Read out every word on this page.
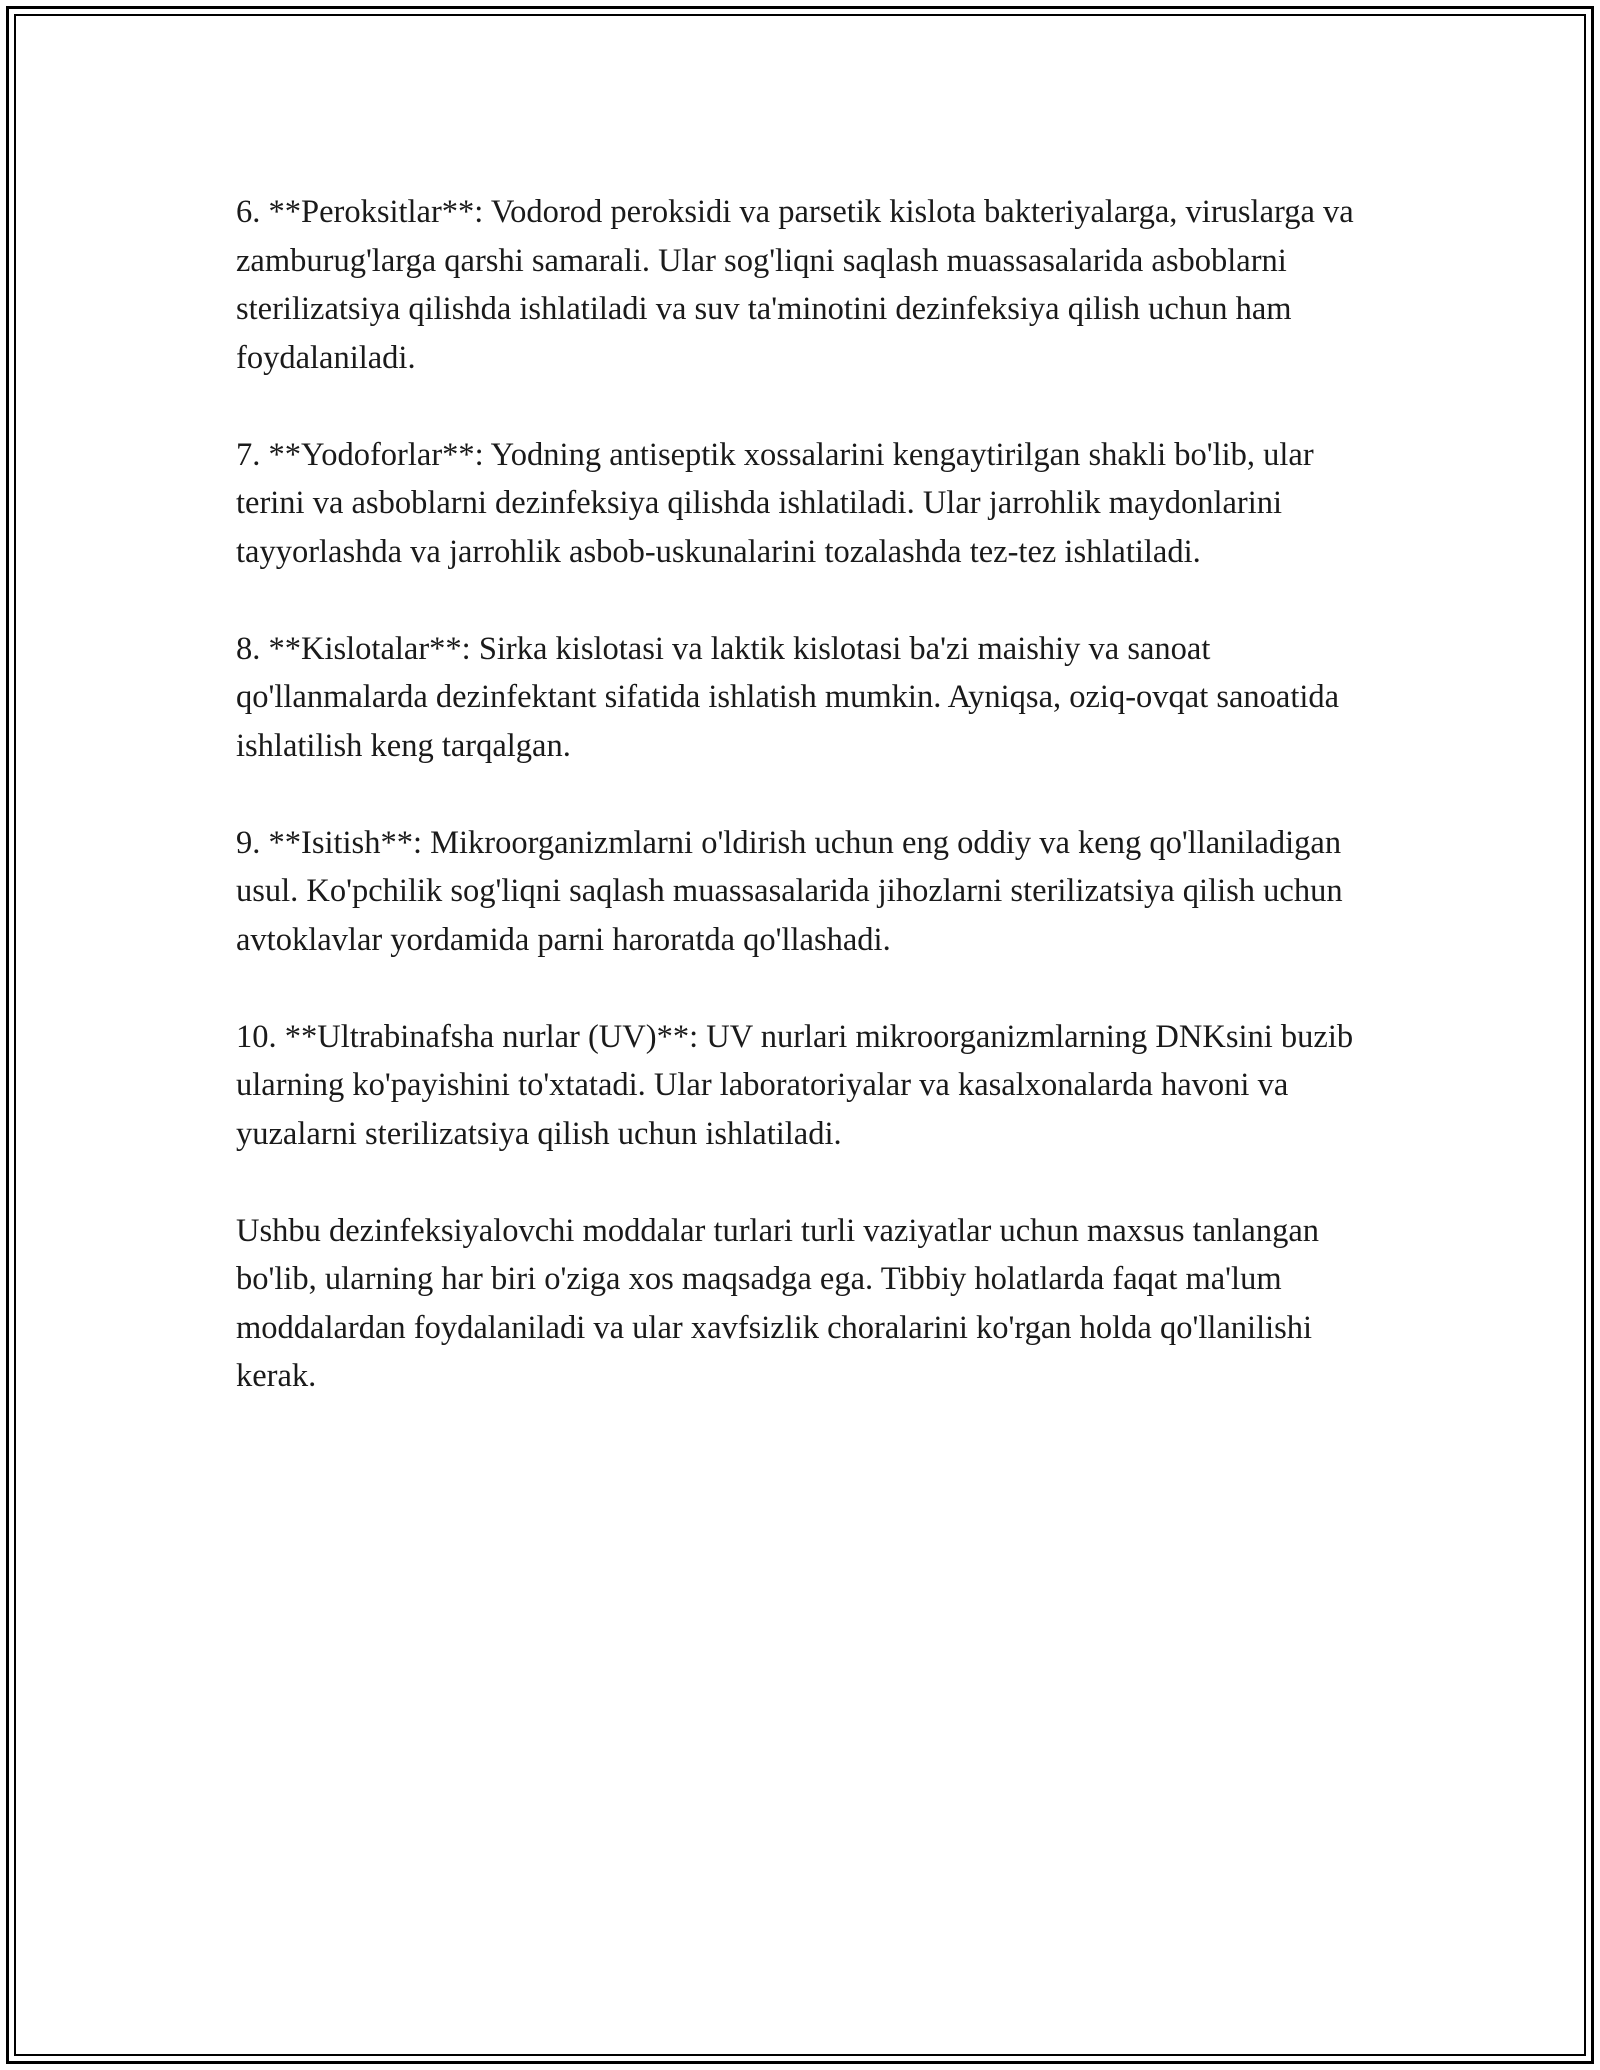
6. **Peroksitlar**: Vodorod peroksidi va parsetik kislota bakteriyalarga, viruslarga va zamburug'larga qarshi samarali. Ular sog'liqni saqlash muassasalarida asboblarni sterilizatsiya qilishda ishlatiladi va suv ta'minotini dezinfeksiya qilish uchun ham foydalaniladi.

7. **Yodoforlar**: Yodning antiseptik xossalarini kengaytirilgan shakli bo'lib, ular terini va asboblarni dezinfeksiya qilishda ishlatiladi. Ular jarrohlik maydonlarini tayyorlashda va jarrohlik asbob-uskunalarini tozalashda tez-tez ishlatiladi.

8. **Kislotalar**: Sirka kislotasi va laktik kislotasi ba'zi maishiy va sanoat qo'llanmalarda dezinfektant sifatida ishlatish mumkin. Ayniqsa, oziq-ovqat sanoatida ishlatilish keng tarqalgan.

9. **Isitish**: Mikroorganizmlarni o'ldirish uchun eng oddiy va keng qo'llaniladigan usul. Ko'pchilik sog'liqni saqlash muassasalarida jihozlarni sterilizatsiya qilish uchun avtoklavlar yordamida parni haroratda qo'llashadi.

10. **Ultrabinafsha nurlar (UV)**: UV nurlari mikroorganizmlarning DNKsini buzib ularning ko'payishini to'xtatadi. Ular laboratoriyalar va kasalxonalarda havoni va yuzalarni sterilizatsiya qilish uchun ishlatiladi.

Ushbu dezinfeksiyalovchi moddalar turlari turli vaziyatlar uchun maxsus tanlangan bo'lib, ularning har biri o'ziga xos maqsadga ega. Tibbiy holatlarda faqat ma'lum moddalardan foydalaniladi va ular xavfsizlik choralarini ko'rgan holda qo'llanilishi kerak.
